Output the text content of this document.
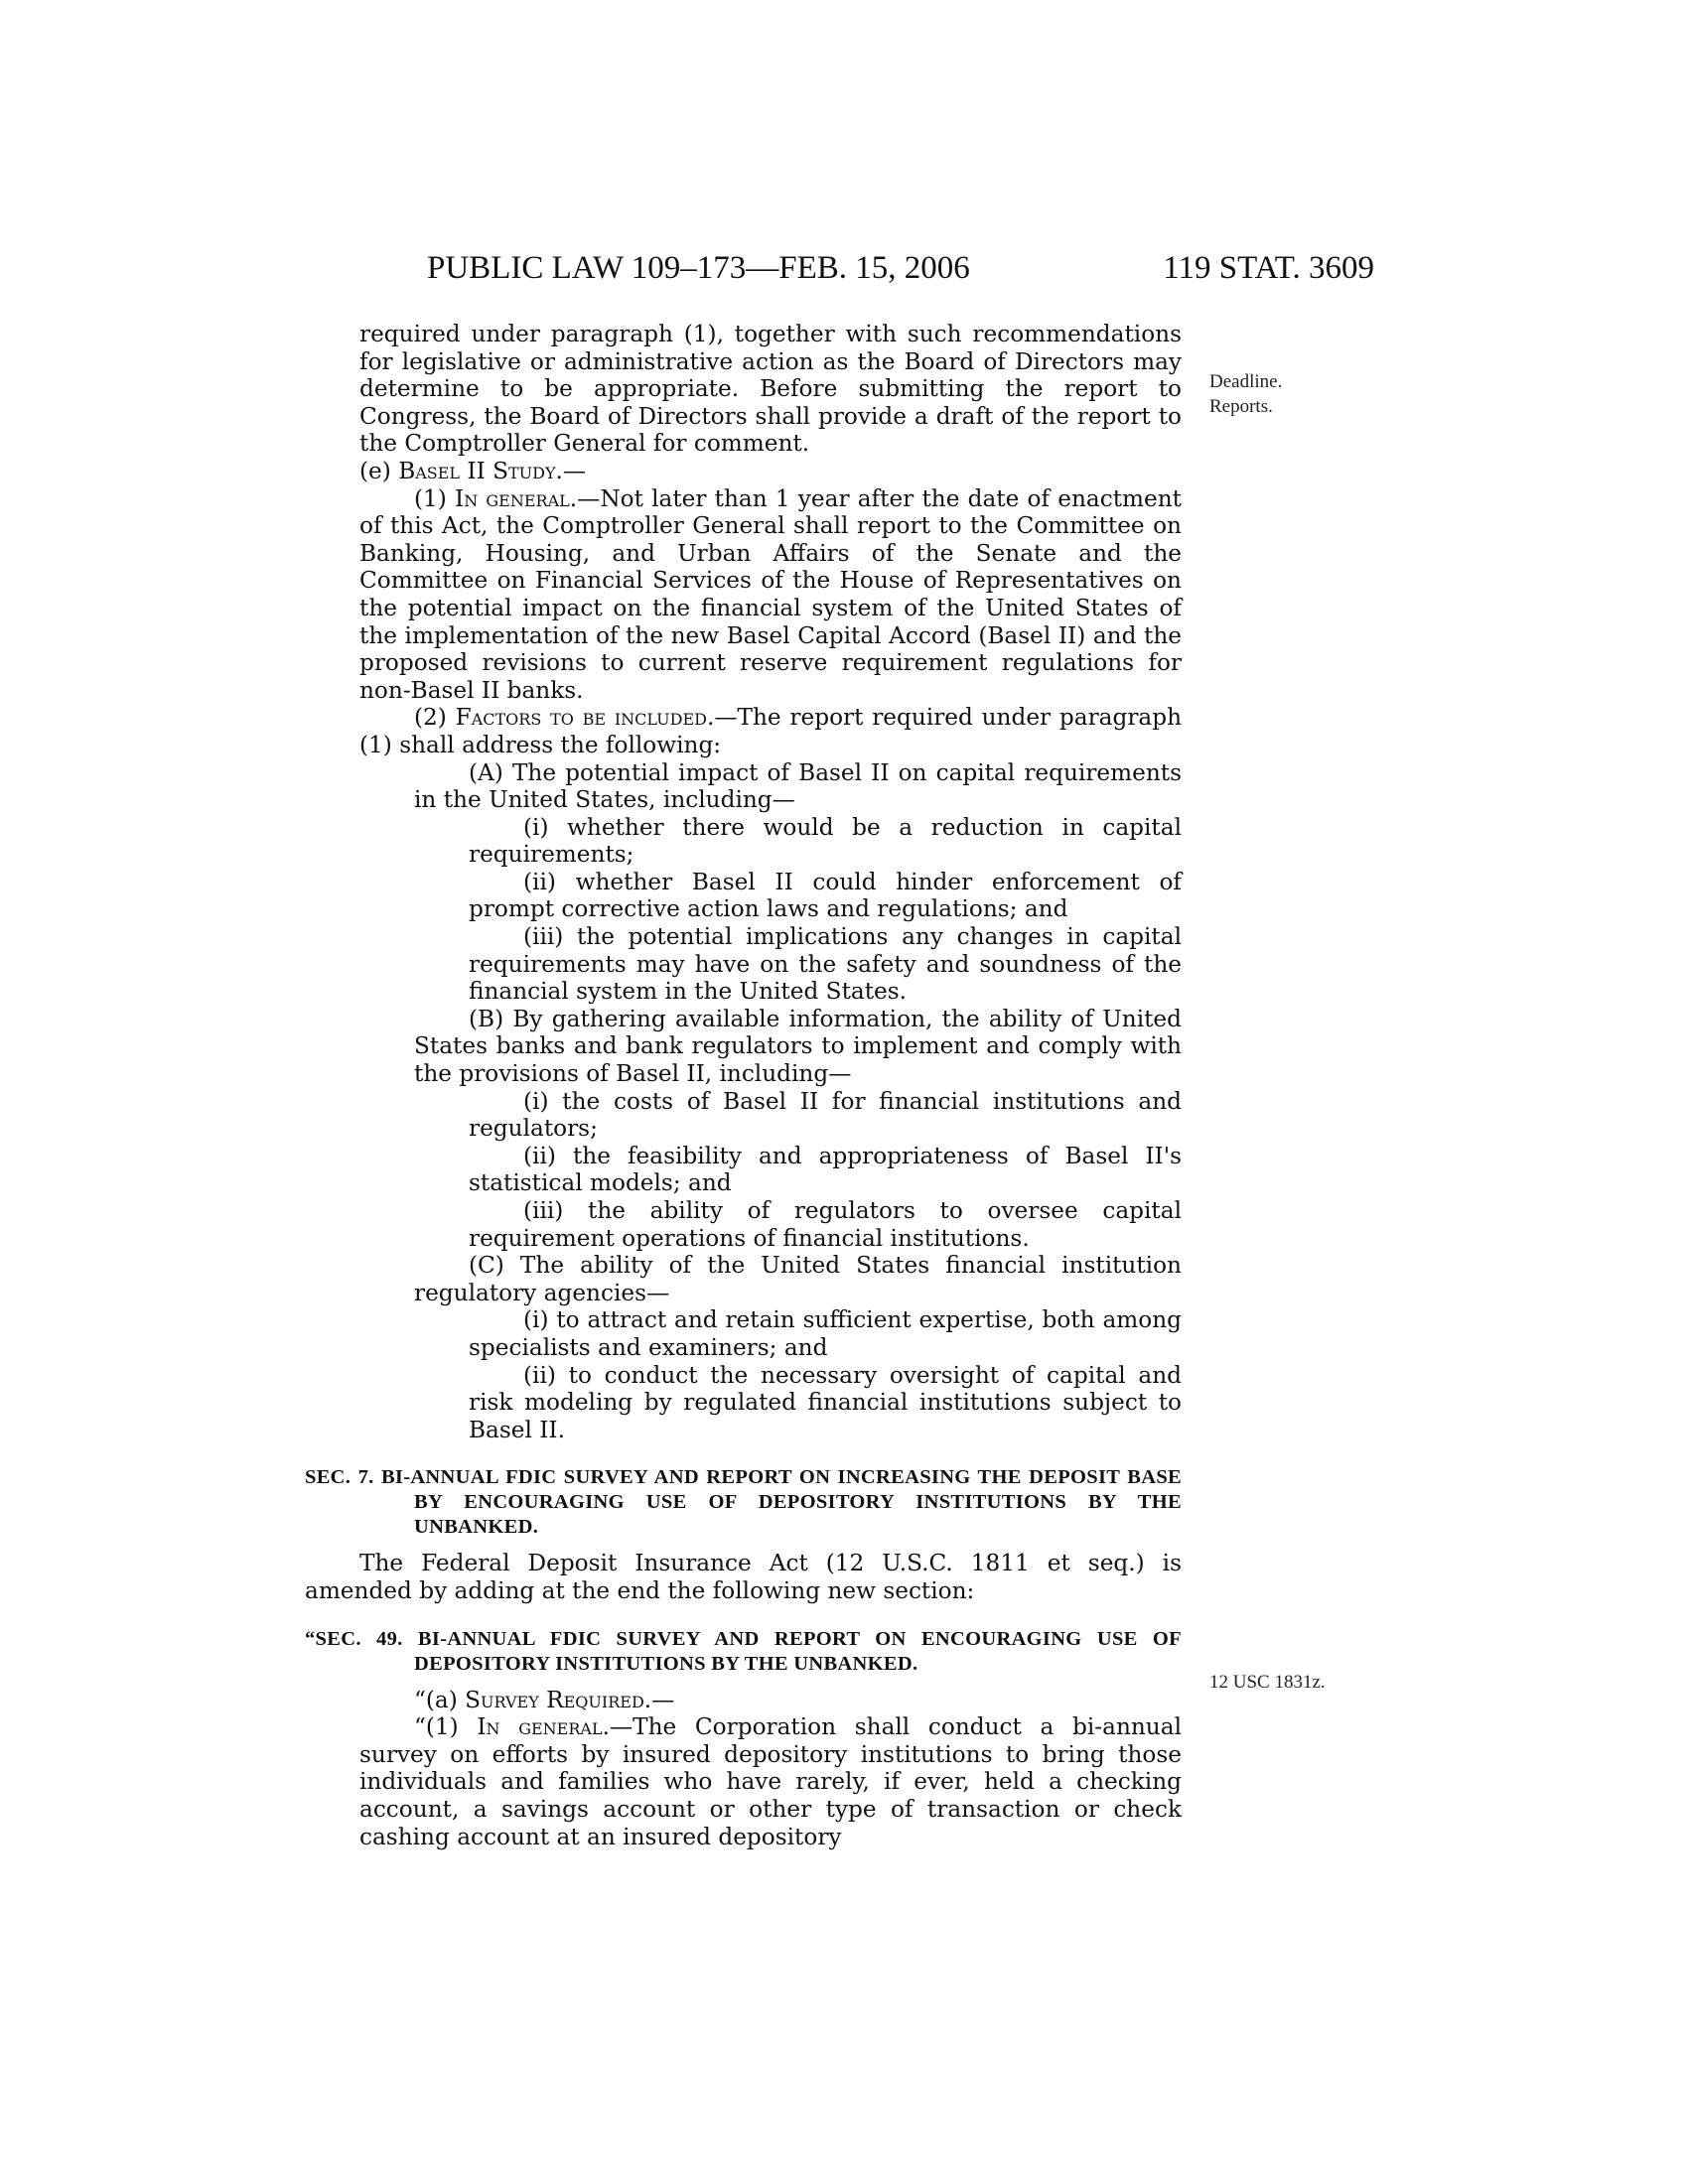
PUBLIC LAW 109–173—FEB. 15, 2006	119 STAT. 3609
Deadline.
Reports.
12 USC 1831z.

required under paragraph (1), together with such recommendations for legislative or administrative action as the Board of Directors may determine to be appropriate. Before submitting the report to Congress, the Board of Directors shall provide a draft of the report to the Comptroller General for comment.

(e) Basel II Study.—

(1) In general.—Not later than 1 year after the date of enactment of this Act, the Comptroller General shall report to the Committee on Banking, Housing, and Urban Affairs of the Senate and the Committee on Financial Services of the House of Representatives on the potential impact on the financial system of the United States of the implementation of the new Basel Capital Accord (Basel II) and the proposed revisions to current reserve requirement regulations for non-Basel II banks.

(2) Factors to be included.—The report required under paragraph (1) shall address the following:

(A) The potential impact of Basel II on capital requirements in the United States, including—

(i) whether there would be a reduction in capital requirements;

(ii) whether Basel II could hinder enforcement of prompt corrective action laws and regulations; and

(iii) the potential implications any changes in capital requirements may have on the safety and soundness of the financial system in the United States.

(B) By gathering available information, the ability of United States banks and bank regulators to implement and comply with the provisions of Basel II, including—

(i) the costs of Basel II for financial institutions and regulators;

(ii) the feasibility and appropriateness of Basel II's statistical models; and

(iii) the ability of regulators to oversee capital requirement operations of financial institutions.

(C) The ability of the United States financial institution regulatory agencies—

(i) to attract and retain sufficient expertise, both among specialists and examiners; and

(ii) to conduct the necessary oversight of capital and risk modeling by regulated financial institutions subject to Basel II.

SEC. 7. BI-ANNUAL FDIC SURVEY AND REPORT ON INCREASING THE DEPOSIT BASE BY ENCOURAGING USE OF DEPOSITORY INSTITUTIONS BY THE UNBANKED.

The Federal Deposit Insurance Act (12 U.S.C. 1811 et seq.) is amended by adding at the end the following new section:

“SEC. 49. BI-ANNUAL FDIC SURVEY AND REPORT ON ENCOURAGING USE OF DEPOSITORY INSTITUTIONS BY THE UNBANKED.

“(a) Survey Required.—

“(1) In general.—The Corporation shall conduct a bi-annual survey on efforts by insured depository institutions to bring those individuals and families who have rarely, if ever, held a checking account, a savings account or other type of transaction or check cashing account at an insured depository
